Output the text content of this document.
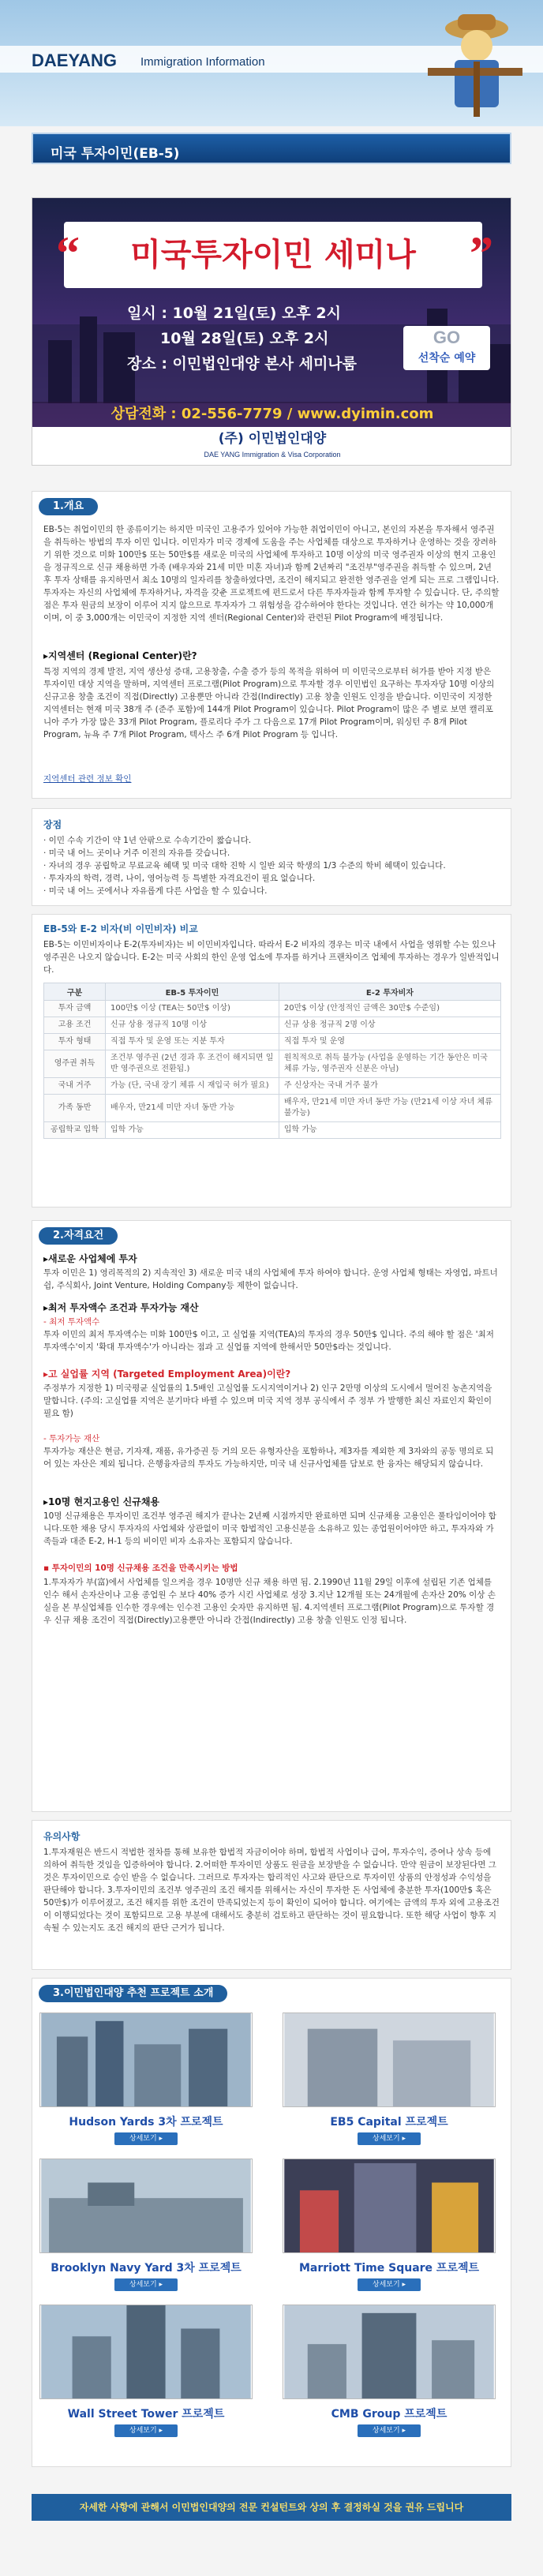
DAEYANG Immigration Information
미국 투자이민(EB-5)
“ 미국투자이민 세미나 ”
일시 : 10월 21일(토) 오후 2시
10월 28일(토) 오후 2시
장소 : 이민법인대양 본사 세미나룸
GO
선착순 예약
상담전화 : 02-556-7779 / www.dyimin.com
(주) 이민법인대양
DAE YANG Immigration & Visa Corporation
1.개요
EB-5는 취업이민의 한 종류이기는 하지만 미국인 고용주가 있어야 가능한 취업이민이 아니고, 본인의 자본을 투자해서 영주권을 취득하는 방법의 투자 이민 입니다. 이민자가 미국 경제에 도움을 주는 사업체를 대상으로 투자하거나 운영하는 것을 장려하기 위한 것으로 미화 100만$ 또는 50만$를 새로운 미국의 사업체에 투자하고 10명 이상의 미국 영주권자 이상의 현지 고용인을 정규직으로 신규 채용하면 가족 (배우자와 21세 미만 미혼 자녀)과 함께 2년짜리 "조건부"영주권을 취득할 수 있으며, 2년 후 투자 상태를 유지하면서 최소 10명의 일자리를 창출하였다면, 조건이 해지되고 완전한 영주권을 얻게 되는 프로 그램입니다. 투자자는 자신의 사업체에 투자하거나, 자격을 갖춘 프로젝트에 펀드로서 다른 투자자들과 함께 투자할 수 있습니다. 단, 주의할 점은 투자 원금의 보장이 이루어 지지 않으므로 투자자가 그 위험성을 감수하여야 한다는 것입니다. 연간 허가는 약 10,000개이며, 이 중 3,000개는 이민국이 지정한 지역 센터(Regional Center)와 관련된 Pilot Program에 배정됩니다.
▸지역센터 (Regional Center)란?
특정 지역의 경제 발전, 지역 생산성 증대, 고용창출, 수출 증가 등의 목적을 위하여 미 이민국으로부터 허가를 받아 지정 받은 투자이민 대상 지역을 말하며, 지역센터 프로그램(Pilot Program)으로 투자할 경우 이민법인 요구하는 투자자당 10명 이상의 신규고용 창출 조건이 직접(Directly) 고용뿐만 아니라 간접(Indirectly) 고용 창출 인원도 인정을 받습니다. 이민국이 지정한 지역센터는 현재 미국 38개 주 (준주 포함)에 144개 Pilot Program이 있습니다. Pilot Program이 많은 주 별로 보면 캘리포니아 주가 가장 많은 33개 Pilot Program, 플로리다 주가 그 다음으로 17개 Pilot Program이며, 워싱턴 주 8개 Pilot Program, 뉴욕 주 7개 Pilot Program, 텍사스 주 6개 Pilot Program 등 입니다.
지역센터 관련 정보 확인
장점
· 이민 수속 기간이 약 1년 안팎으로 수속기간이 짧습니다.
· 미국 내 어느 곳이나 거주 이전의 자유를 갖습니다.
· 자녀의 경우 공립학교 무료교육 혜택 및 미국 대학 진학 시 일반 외국 학생의 1/3 수준의 학비 혜택이 있습니다.
· 투자자의 학력, 경력, 나이, 영어능력 등 특별한 자격요건이 필요 없습니다.
· 미국 내 어느 곳에서나 자유롭게 다른 사업을 할 수 있습니다.
EB-5와 E-2 비자(비 이민비자) 비교
EB-5는 이민비자이나 E-2(투자비자)는 비 이민비자입니다. 따라서 E-2 비자의 경우는 미국 내에서 사업을 영위할 수는 있으나 영주권은 나오지 않습니다. E-2는 미국 사회의 한인 운영 업소에 투자를 하거나 프랜차이즈 업체에 투자하는 경우가 일반적입니다.
구분	EB-5 투자이민	E-2 투자비자
투자 금액	100만$ 이상 (TEA는 50만$ 이상)	20만$ 이상 (안정적인 금액은 30만$ 수준임)
고용 조건	신규 상용 정규직 10명 이상	신규 상용 정규직 2명 이상
투자 형태	직접 투자 및 운영 또는 지분 투자	직접 투자 및 운영
영주권 취득	조건부 영주권 (2년 경과 후 조건이 해지되면 일반 영주권으로 전환됨.)	원칙적으로 취득 불가능 (사업을 운영하는 기간 동안은 미국 체류 가능, 영주권자 신분은 아님)
국내 거주	가능 (단, 국내 장기 체류 시 재입국 허가 필요)	주 신상자는 국내 거주 불가
가족 동반	배우자, 만21세 미만 자녀 동반 가능	배우자, 만21세 미만 자녀 동반 가능 (만21세 이상 자녀 체류 불가능)
공립학교 입학	입학 가능	입학 가능
2.자격요건
▸새로운 사업체에 투자
투자 이민은 1) 영리목적의 2) 지속적인 3) 새로운 미국 내의 사업체에 투자 하여야 합니다. 운영 사업체 형태는 자영업, 파트너쉽, 주식회사, Joint Venture, Holding Company등 제한이 없습니다.
▸최저 투자액수 조건과 투자가능 재산
- 최저 투자액수
투자 이민의 최저 투자액수는 미화 100만$ 이고, 고 실업률 지역(TEA)의 투자의 경우 50만$ 입니다. 주의 해야 할 점은 '최저 투자액수'이지 '확대 투자액수'가 아니라는 점과 고 실업률 지역에 한해서만 50만$라는 것입니다.
▸고 실업률 지역 (Targeted Employment Area)이란?
주정부가 지정한 1) 미국평균 실업률의 1.5배인 고실업률 도시지역이거나 2) 인구 2만명 이상의 도시에서 멀어진 농촌지역을 말합니다. (주의: 고실업률 지역은 분기마다 바뀔 수 있으며 미국 지역 정부 공식에서 주 정부 가 발행한 최신 자료인지 확인이 필요 함)
- 투자가능 재산
투자가능 재산은 현금, 기자재, 재품, 유가증권 등 거의 모든 유형자산을 포함하나, 제3자를 제외한 제 3자와의 공동 명의로 되어 있는 자산은 제외 됩니다. 은행융자금의 투자도 가능하지만, 미국 내 신규사업체를 담보로 한 융자는 해당되지 않습니다.
▸10명 현지고용인 신규채용
10명 신규채용은 투자이민 조건부 영주권 해지가 끝나는 2년째 시점까지만 완료하면 되며 신규채용 고용인은 풀타임이어야 합니다.또한 채용 당시 투자자의 사업체와 상관없이 미국 합법적인 고용신분을 소유하고 있는 종업원이어야만 하고, 투자자와 가족들과 대준 E-2, H-1 등의 비이민 비자 소유자는 포함되지 않습니다.
▪ 투자이민의 10명 신규채용 조건을 만족시키는 방법
1.투자자가 부(富)에서 사업체를 일으켜을 경우 10명만 신규 채용 하면 됨. 2.1990년 11월 29일 이후에 설립된 기존 업체를 인수 해서 손자산이나 고용 종업원 수 보다 40% 증가 시킨 사업체로 성장 3.지난 12개월 또는 24개월에 손자산 20% 이상 손실을 본 부실업체를 인수한 경우에는 인수전 고용인 숫자만 유지하면 됨. 4.지역센터 프로그램(Pilot Program)으로 투자할 경우 신규 채용 조건이 직접(Directly)고용뿐만 아니라 간접(Indirectly) 고용 창출 인원도 인정 됩니다.
유의사항
1.투자재원은 반드시 적법한 절차를 통해 보유한 합법적 자금이어야 하며, 합법적 사업이나 급여, 투자수익, 증여나 상속 등에 의하여 취득한 것임을 입증하여야 합니다. 2.어떠한 투자이민 상품도 원금을 보장받을 수 없습니다. 만약 원금이 보장된다면 그것은 투자이민으로 승인 받을 수 없습니다. 그러므로 투자자는 합리적인 사고와 판단으로 투자이민 상품의 안정성과 수익성을 판단해야 합니다. 3.투자이민의 조건부 영주권의 조건 해지를 위해서는 자신이 투자한 돈 사업체에 충분한 투자(100만$ 혹은 50만$)가 이루어졌고, 조건 해지를 위한 조건이 만족되었는지 등이 확인이 되어야 합니다. 여기에는 금액의 투자 외에 고용조건이 이행되었다는 것이 포함되므로 고용 부분에 대해서도 충분히 검토하고 판단하는 것이 필요합니다. 또한 해당 사업이 향후 지속될 수 있는지도 조건 해지의 판단 근거가 됩니다.
3.이민법인대양 추천 프로젝트 소개
Hudson Yards 3차 프로젝트
상세보기 ▸
EB5 Capital 프로젝트
상세보기 ▸
Brooklyn Navy Yard 3차 프로젝트
상세보기 ▸
Marriott Time Square 프로젝트
상세보기 ▸
Wall Street Tower 프로젝트
상세보기 ▸
CMB Group 프로젝트
상세보기 ▸
자세한 사항에 관해서 이민법인대양의 전문 컨설턴트와 상의 후 결정하실 것을 권유 드립니다
